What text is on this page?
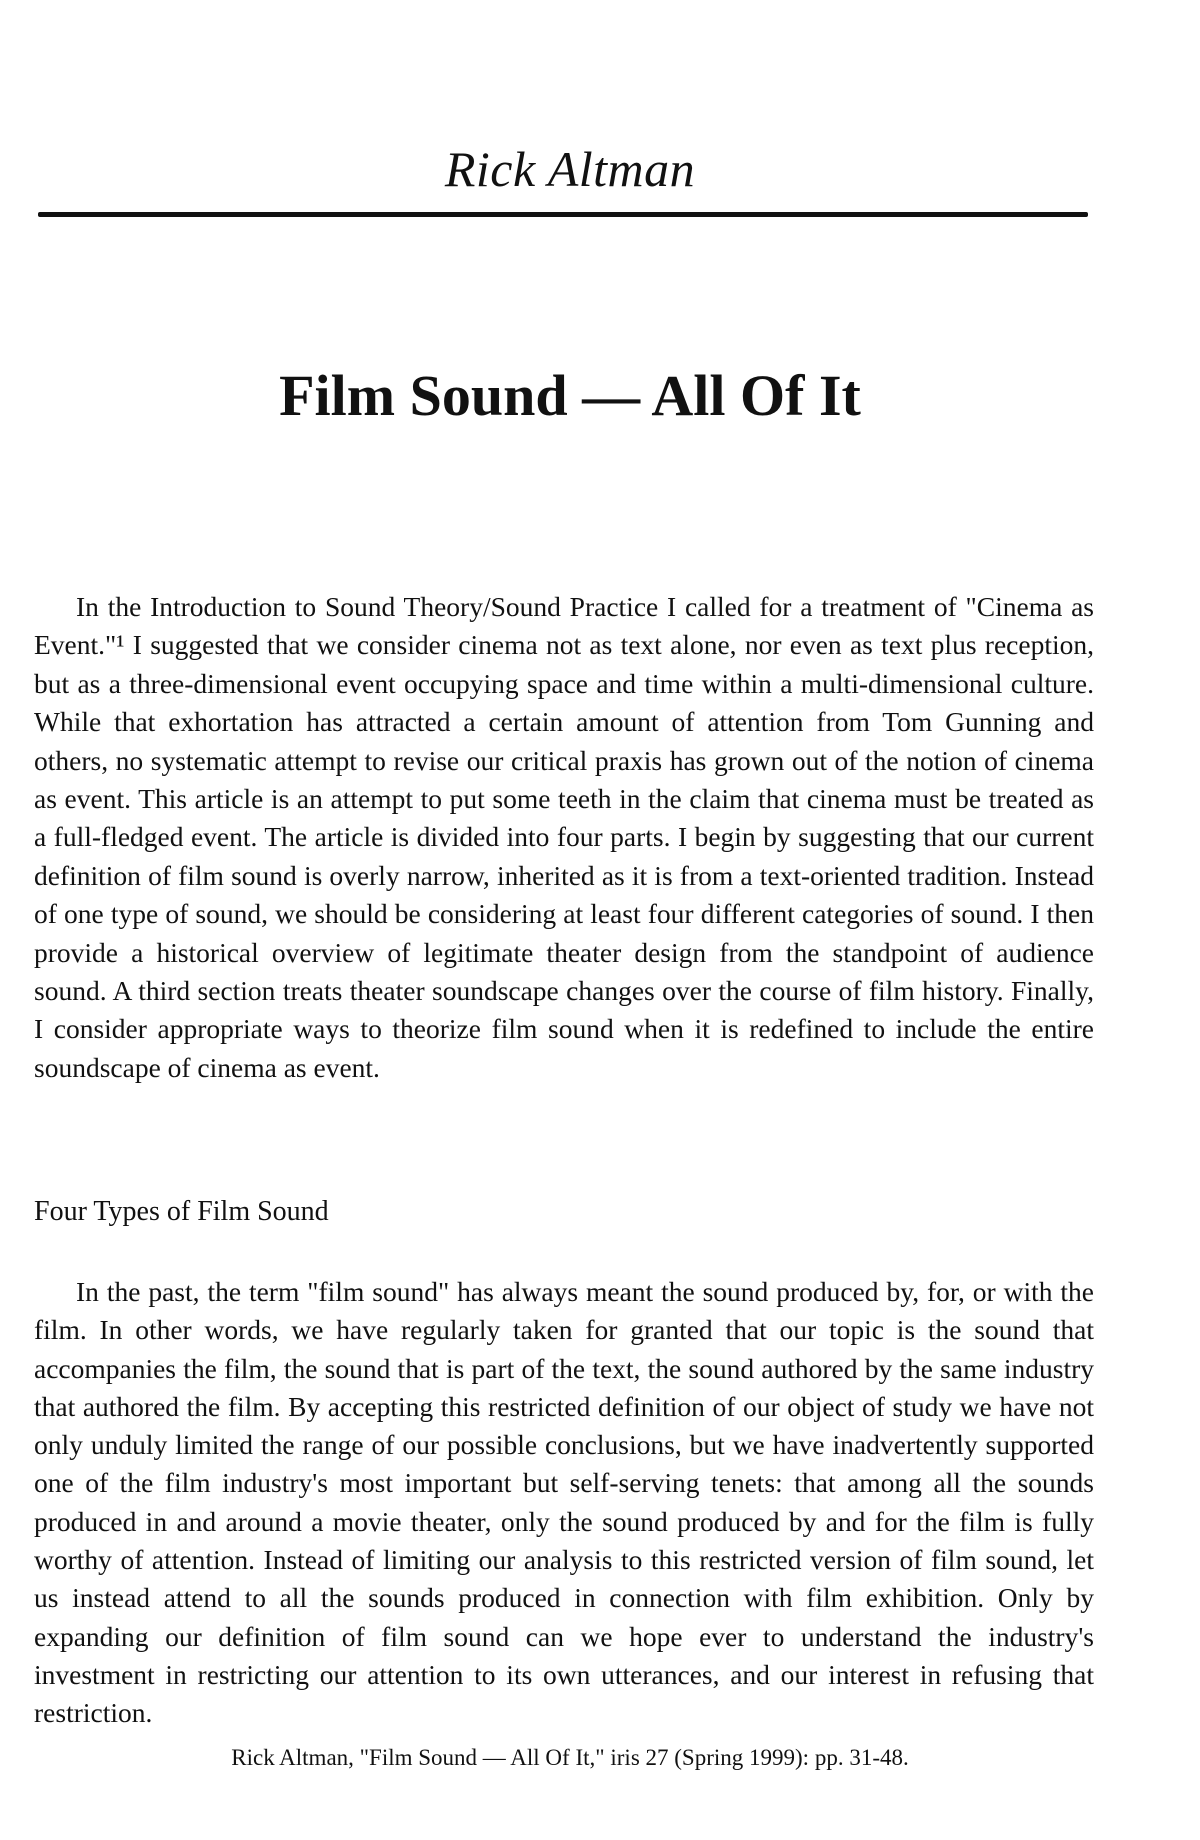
Rick Altman
Film Sound — All Of It

In the Introduction to Sound Theory/Sound Practice I called for a treatment of "Cinema as Event."¹ I suggested that we consider cinema not as text alone, nor even as text plus reception, but as a three-dimensional event occupying space and time within a multi-dimensional culture. While that exhortation has attracted a certain amount of attention from Tom Gunning and others, no systematic attempt to revise our critical praxis has grown out of the notion of cinema as event. This article is an attempt to put some teeth in the claim that cinema must be treated as a full-fledged event. The article is divided into four parts. I begin by suggesting that our current definition of film sound is overly narrow, inherited as it is from a text-oriented tradition. Instead of one type of sound, we should be considering at least four different categories of sound. I then provide a historical overview of legitimate theater design from the standpoint of audience sound. A third section treats theater soundscape changes over the course of film history. Finally, I consider appropriate ways to theorize film sound when it is redefined to include the entire soundscape of cinema as event.

Four Types of Film Sound

In the past, the term "film sound" has always meant the sound produced by, for, or with the film. In other words, we have regularly taken for granted that our topic is the sound that accompanies the film, the sound that is part of the text, the sound authored by the same industry that authored the film. By accepting this restricted definition of our object of study we have not only unduly limited the range of our possible conclusions, but we have inadvertently supported one of the film industry's most important but self-serving tenets: that among all the sounds produced in and around a movie theater, only the sound produced by and for the film is fully worthy of attention. Instead of limiting our analysis to this restricted version of film sound, let us instead attend to all the sounds produced in connection with film exhibition. Only by expanding our definition of film sound can we hope ever to understand the industry's investment in restricting our attention to its own utterances, and our interest in refusing that restriction.

Rick Altman, "Film Sound — All Of It," iris 27 (Spring 1999): pp. 31-48.
